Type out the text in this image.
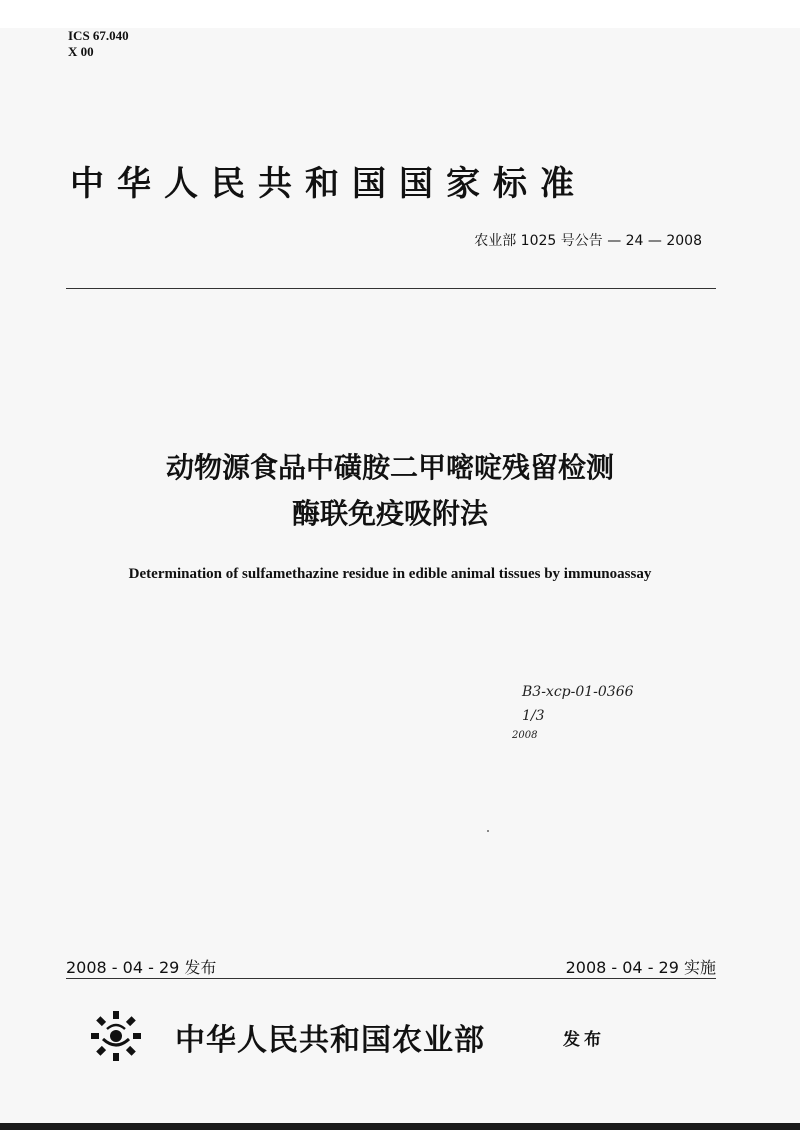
ICS 67.040
X 00
中华人民共和国国家标准
农业部 1025 号公告 — 24 — 2008
动物源食品中磺胺二甲嘧啶残留检测
酶联免疫吸附法
Determination of sulfamethazine residue in edible animal tissues by immunoassay
B3-xcp-01-0366
1/3
2008
2008 - 04 - 29 发布	2008 - 04 - 29 实施
中华人民共和国农业部	发布
